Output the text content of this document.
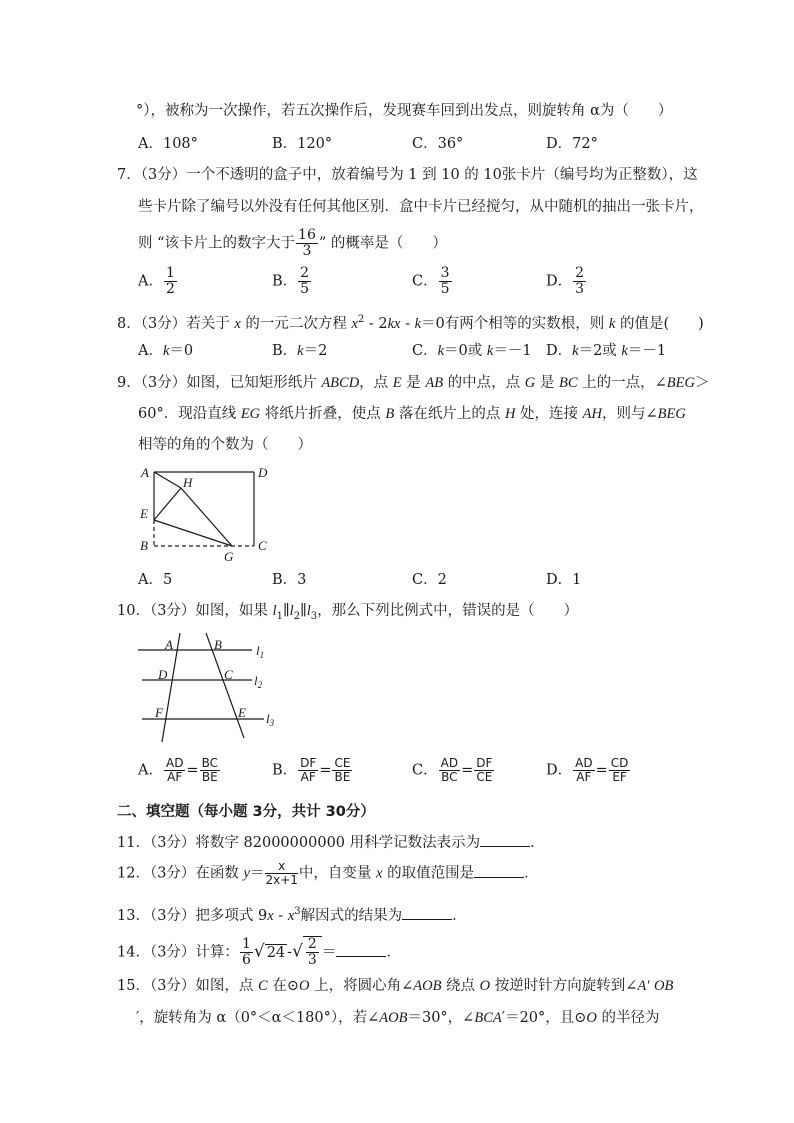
°），被称为一次操作，若五次操作后，发现赛车回到出发点，则旋转角 α为（　　）
A．108°	B．120°	C．36°	D．72°
7．（3分）一个不透明的盒子中，放着编号为 1 到 10 的 10张卡片（编号均为正整数），这
些卡片除了编号以外没有任何其他区别．盒中卡片已经搅匀，从中随机的抽出一张卡片，
则 “该卡片上的数字大于 $\frac{16}{3}$ ” 的概率是（　　）
A． $\frac{1}{2}$	B． $\frac{2}{5}$	C． $\frac{3}{5}$	D． $\frac{2}{3}$
8．（3分）若关于 x 的一元二次方程 $x^2 - 2kx - k=0$有两个相等的实数根，则 k 的值是(　　)
A．k＝0	B．k＝2	C．k＝0或 k＝－1 D．k＝2或 k＝－1
9．（3分）如图，已知矩形纸片 ABCD，点 E 是 AB 的中点，点 G 是 BC 上的一点，∠BEG＞
60°．现沿直线 EG 将纸片折叠，使点 B 落在纸片上的点 H 处，连接 AH，则与∠BEG
相等的角的个数为（　　）
A	D
H
E
B
G
C
A．5	B．3	C．2	D．1
10．（3分）如图，如果 $l_1\parallel l_2\parallel l_3$，那么下列比例式中，错误的是（　　）
A	B
D	C
F	E
$l_1$
$l_2$
$l_3$
A． $\frac{AD}{AF} = \frac{BC}{BE}$	B． $\frac{DF}{AF} = \frac{CE}{BE}$	C． $\frac{AD}{BC} = \frac{DF}{CE}$	D． $\frac{AD}{AF} = \frac{CD}{EF}$
二、填空题（每小题 3分，共计 30分）
11．（3分）将数字 82000000000 用科学记数法表示为	．
12．（3分）在函数 $y= \frac{x}{2x+1}$ 中，自变量 x 的取值范围是	．
13．（3分）把多项式 $9x - x^3$解因式的结果为	．
14．（3分）计算： $\frac{1}{6}$ √ 24 -√ $\frac{2}{3}$ ＝	．
15．（3分）如图，点 C 在⊙O 上，将圆心角∠AOB 绕点 O 按逆时针方向旋转到∠A′ OB
′，旋转角为 α（0°＜α＜180°），若∠AOB＝30°，∠BCA′＝20°，且⊙O 的半径为
